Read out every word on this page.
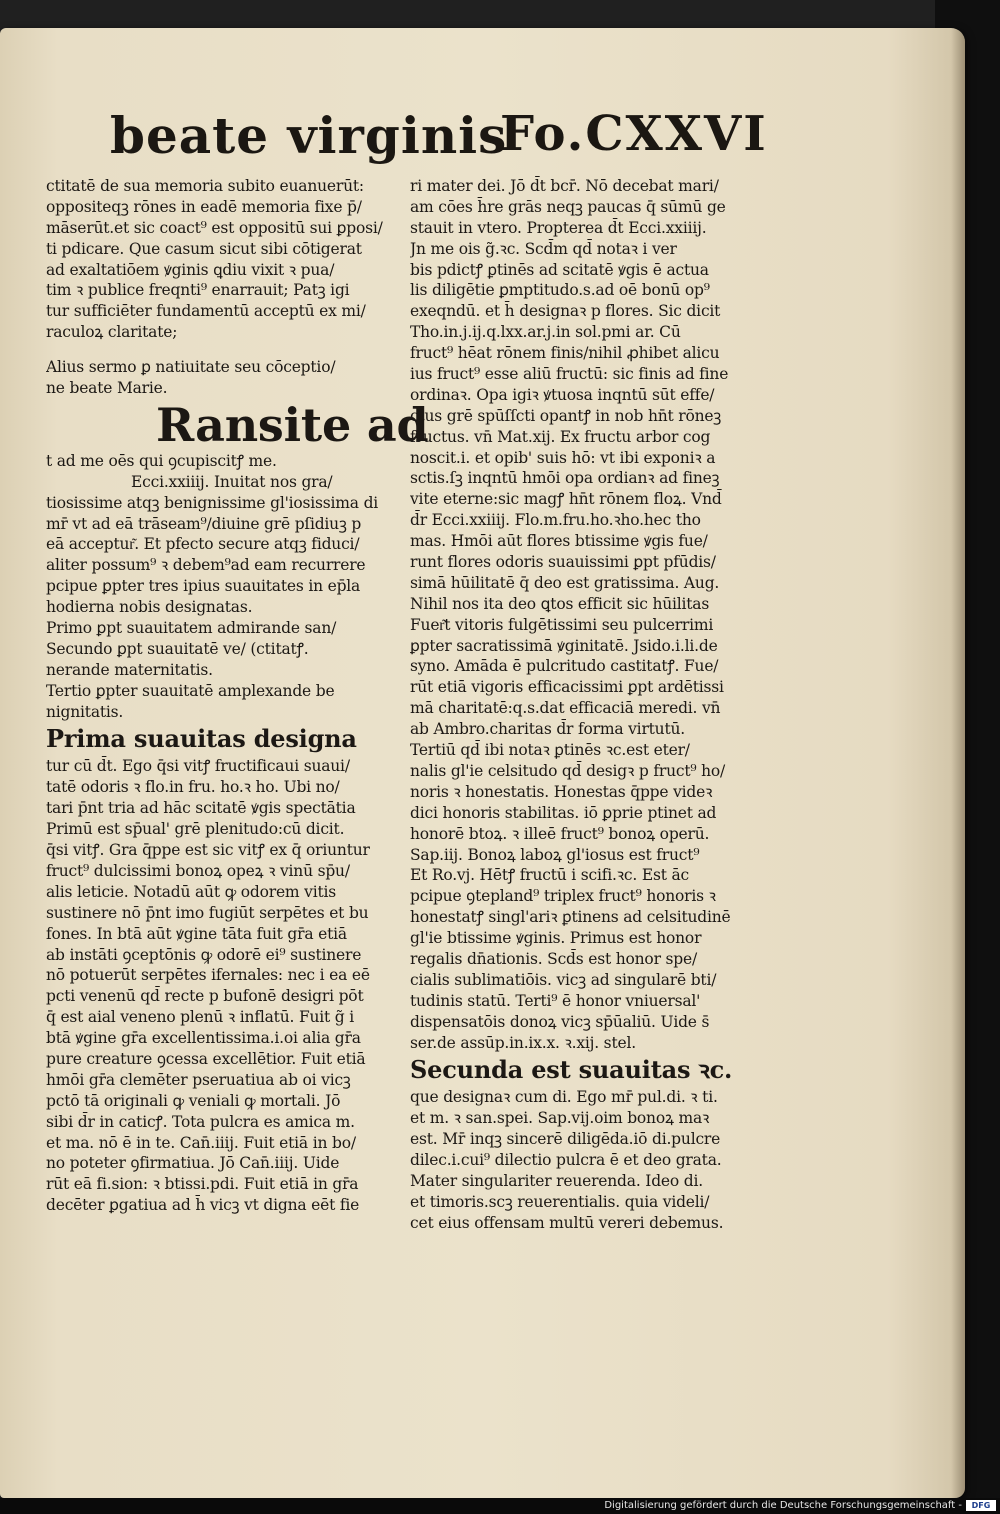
beate virginis
Fo.CXXVI
ctitatē de sua memoria subito euanuerūt:
oppositeqꝫ rōnes in eadē memoria fixe p̄/
māserūt.et sic coact⁹ est oppositū sui ꝑposi/
ti pdicare. Que casum sicut sibi cōtigerat
ad exaltatiōem ꝟginis ꝗdiu vixit ꝛ pua/
tim ꝛ publice freqnti⁹ enarrauit; Patꝫ igi
tur sufficiēter fundamentū acceptū ex mi/
raculoꝝ claritate;
Alius sermo ꝑ natiuitate seu cōceptio/
ne beate Marie.
Ransite ad
t ad me oēs qui ꝯcupiscitꝭ me.
Ecci.xxiiij. Inuitat nos gra/
tiosissime atqꝫ benignissime gl'iosissima di
mr̄ vt ad eā trāseam⁹/diuine grē pſidiuꝫ p
eā acceptur͂. Et pfecto secure atqꝫ fiduci/
aliter possum⁹ ꝛ debem⁹ad eam recurrere
pcipue ꝑpter tres ipius suauitates in ep̄la
hodierna nobis designatas.
Primo ꝑpt suauitatem admirande san/
Secundo ꝑpt suauitatē ve/ (ctitatꝭ.
nerande maternitatis.
Tertio ꝑpter suauitatē amplexande be
nignitatis.
Prima suauitas designa
tur cū d̄t. Ego q̄si vitꝭ fructificaui suaui/
tatē odoris ꝛ flo.in fru. ho.ꝛ ho. Ubi no/
tari p̄nt tria ad hāc scitatē ꝟgis spectātia
Primū est sp̄ual' grē plenitudo:cū dicit.
q̄si vitꝭ. Gra q̄ppe est sic vitꝭ ex q̄ oriuntur
fruct⁹ dulcissimi bonoꝝ opeꝝ ꝛ vinū sp̄u/
alis leticie. Notadū aūt ꝙ odorem vitis
sustinere nō p̄nt imo fugiūt serpētes et bu
fones. In btā aūt ꝟgine tāta fuit gr̄a etiā
ab instāti ꝯceptōnis ꝙ odorē ei⁹ sustinere
nō potuerūt serpētes ifernales: nec i ea eē
pcti venenū qd̄ recte p bufonē desigri pōt
q̄ est aial veneno plenū ꝛ inflatū. Fuit g̃ i
btā ꝟgine gr̄a excellentissima.i.oi alia gr̄a
pure creature ꝯcessa excellētior. Fuit etiā
hmōi gr̄a clemēter pseruatiua ab oi vicꝫ
pctō tā originali ꝙ veniali ꝙ mortali. Jō
sibi d̄r in caticꝭ. Tota pulcra es amica m.
et ma. nō ē in te. Can̄.iiij. Fuit etiā in bo/
no poteter ꝯfirmatiua. Jō Can̄.iiij. Uide
rūt eā fi.sion: ꝛ btissi.pdi. Fuit etiā in gr̄a
decēter ꝑgatiua ad h̄ vicꝫ vt digna eēt fie
ri mater dei. Jō d̄t bcr̄. Nō decebat mari/
am cōes h̄re grās neqꝫ paucas q̄ sūmū ge
stauit in vtero. Propterea d̄t Ecci.xxiiij.
Jn me ois g̃.ꝛc. Scd̄m qd̄ notaꝛ i ver
bis pdictꝭ ꝑtinēs ad scitatē ꝟgis ē actua
lis diligētie ꝑmptitudo.s.ad oē bonū op⁹
exeqndū. et h̄ designaꝛ p flores. Sic dicit
Tho.in.j.ij.q.lxx.ar.j.in sol.pmi ar. Cū
fruct⁹ hēat rōnem finis/nihil ꝓhibet alicu
ius fruct⁹ esse aliū fructū: sic finis ad fine
ordinaꝛ. Opa igiꝛ ꝟtuosa inqntū sūt effe/
ctus grē spūſſcti opantꝭ in nob hn̄t rōneꝫ
fructus. vn̄ Mat.xij. Ex fructu arbor cog
noscit.i. et opib' suis hō: vt ibi exponiꝛ a
sctis.ſꝫ inqntū hmōi opa ordianꝛ ad fineꝫ
vite eterne:sic magꝭ hn̄t rōnem floꝝ. Vnd̄
d̄r Ecci.xxiiij. Flo.m.fru.ho.ꝛho.hec tho
mas. Hmōi aūt flores btissime ꝟgis fue/
runt flores odoris suauissimi ꝑpt pfūdis/
simā hūilitatē q̄ deo est gratissima. Aug.
Nihil nos ita deo ꝗtos efficit sic hūilitas
Fuer͂t vitoris fulgētissimi seu pulcerrimi
ꝑpter sacratissimā ꝟginitatē. Jsido.i.li.de
syno. Amāda ē pulcritudo castitatꝭ. Fue/
rūt etiā vigoris efficacissimi ꝑpt ardētissi
mā charitatē:q.s.dat efficaciā meredi. vn̄
ab Ambro.charitas d̄r forma virtutū.
Tertiū qd̄ ibi notaꝛ ꝑtinēs ꝛc.est eter/
nalis gl'ie celsitudo qd̄ desigꝛ p fruct⁹ ho/
noris ꝛ honestatis. Honestas q̄ppe videꝛ
dici honoris stabilitas. iō ꝑprie ptinet ad
honorē btoꝝ. ꝛ illeē fruct⁹ bonoꝝ operū.
Sap.iij. Bonoꝝ laboꝝ gl'iosus est fruct⁹
Et Ro.vj. Hētꝭ fructū i scifi.ꝛc. Est āc
pcipue ꝯtepland⁹ triplex fruct⁹ honoris ꝛ
honestatꝭ singl'ariꝛ ꝑtinens ad celsitudinē
gl'ie btissime ꝟginis. Primus est honor
regalis dn̄ationis. Scd̄s est honor spe/
cialis sublimatiōis. vicꝫ ad singularē bti/
tudinis statū. Terti⁹ ē honor vniuersal'
dispensatōis donoꝝ vicꝫ sp̄ūaliū. Uide s̄
ser.de assūp.in.ix.x. ꝛ.xij. stel.
Secunda est suauitas ꝛc.
que designaꝛ cum di. Ego mr̄ pul.di. ꝛ ti.
et m. ꝛ san.spei. Sap.vij.oim bonoꝝ maꝛ
est. Mr̄ inqꝫ sincerē diligēda.iō di.pulcre
dilec.i.cui⁹ dilectio pulcra ē et deo grata.
Mater singulariter reuerenda. Ideo di.
et timoris.scꝫ reuerentialis. quia videli/
cet eius offensam multū vereri debemus.
Digitalisierung gefördert durch die Deutsche Forschungsgemeinschaft -	DFG
